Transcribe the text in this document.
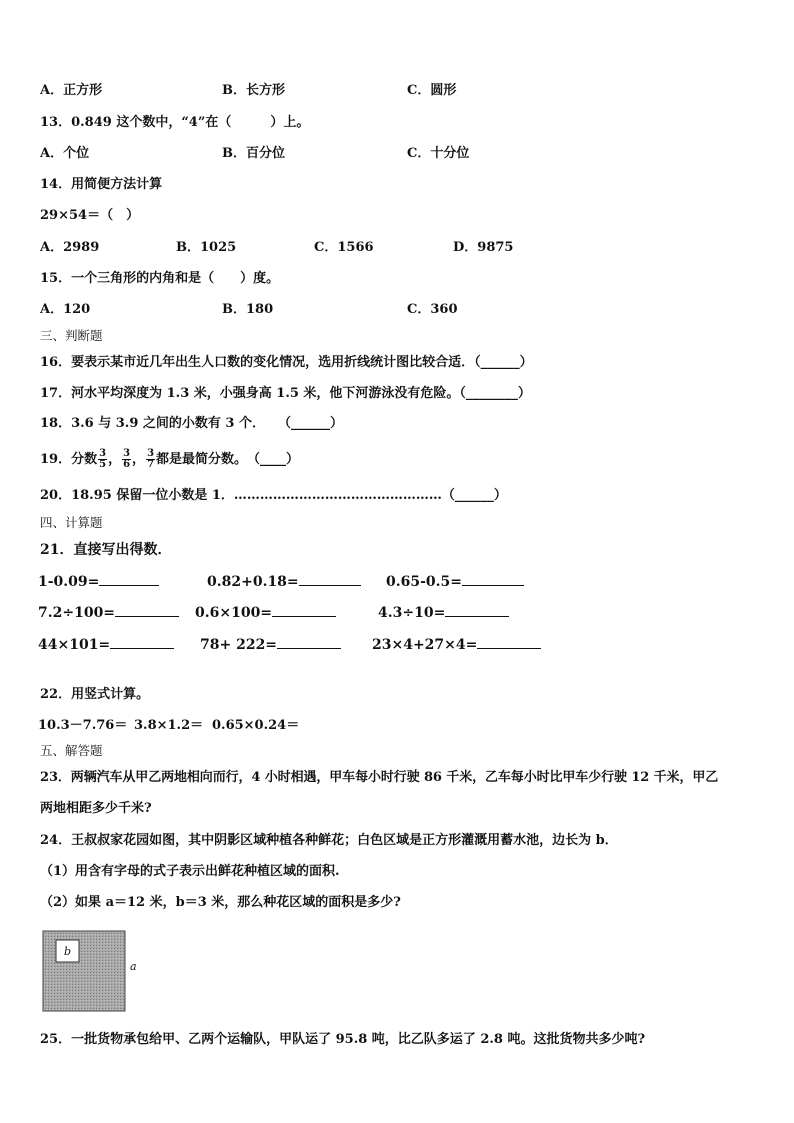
A．正方形	B．长方形	C．圆形
13．0.849 这个数中，“4”在（　　　）上。
A．个位	B．百分位	C．十分位
14．用简便方法计算
29×54＝（　）
A．2989	B．1025	C．1566	D．9875
15．一个三角形的内角和是（　　）度。
A．120	B．180	C．360
三、判断题
16．要表示某市近几年出生人口数的变化情况，选用折线统计图比较合适．（______）
17．河水平均深度为 1.3 米，小强身高 1.5 米，他下河游泳没有危险。（________）
18．3.6 与 3.9 之间的小数有 3 个．　　（______）
19．分数 $\frac{3}{5}$ ， $\frac{3}{6}$ ， $\frac{3}{7}$ 都是最简分数。　（____）
20．18.95 保留一位小数是 1．…………………………………………（______）
四、计算题
21．直接写出得数．
1-0.09=	0.82+0.18=	0.65-0.5=
7.2÷100=	0.6×100=	4.3÷10=
44×101=	78+ 222=	23×4+27×4=
22．用竖式计算。
10.3－7.76＝ 3.8×1.2＝ 0.65×0.24＝
五、解答题
23．两辆汽车从甲乙两地相向而行，4 小时相遇，甲车每小时行驶 86 千米，乙车每小时比甲车少行驶 12 千米，甲乙
两地相距多少千米?
24．王叔叔家花园如图，其中阴影区域种植各种鲜花；白色区域是正方形灌溉用蓄水池，边长为 b．
（1）用含有字母的式子表示出鲜花种植区域的面积.
（2）如果 a＝12 米，b＝3 米，那么种花区域的面积是多少?
b
a
25．一批货物承包给甲、乙两个运输队，甲队运了 95.8 吨，比乙队多运了 2.8 吨。这批货物共多少吨?
